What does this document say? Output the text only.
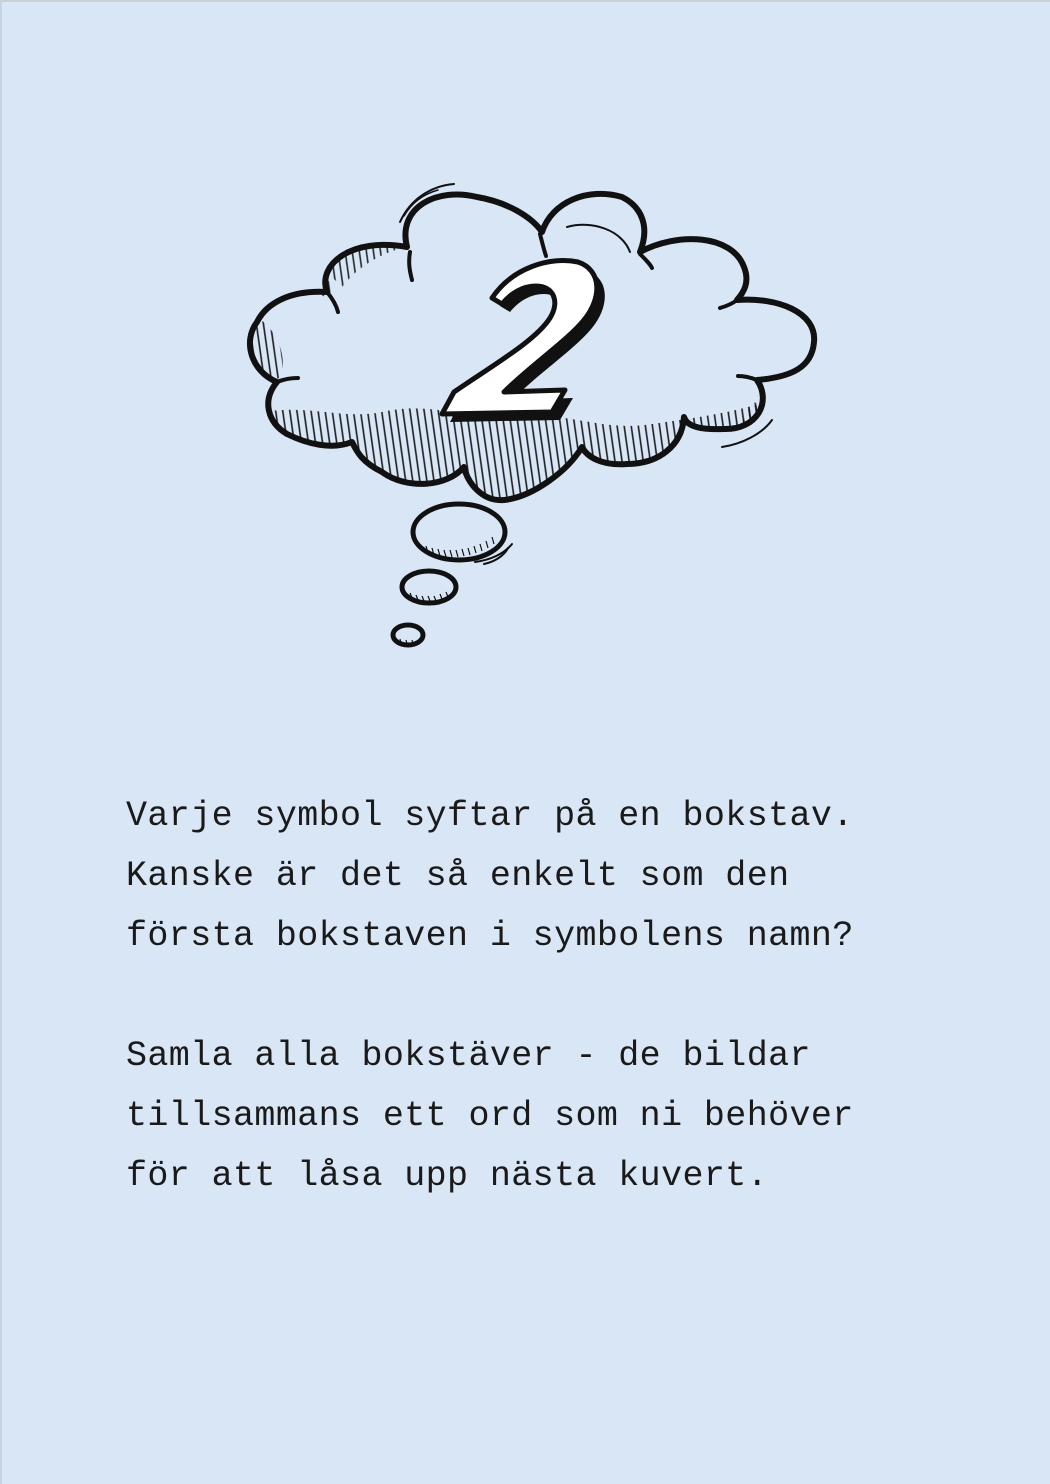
Varje symbol syftar på en bokstav.
Kanske är det så enkelt som den
första bokstaven i symbolens namn?

Samla alla bokstäver - de bildar
tillsammans ett ord som ni behöver
för att låsa upp nästa kuvert.
